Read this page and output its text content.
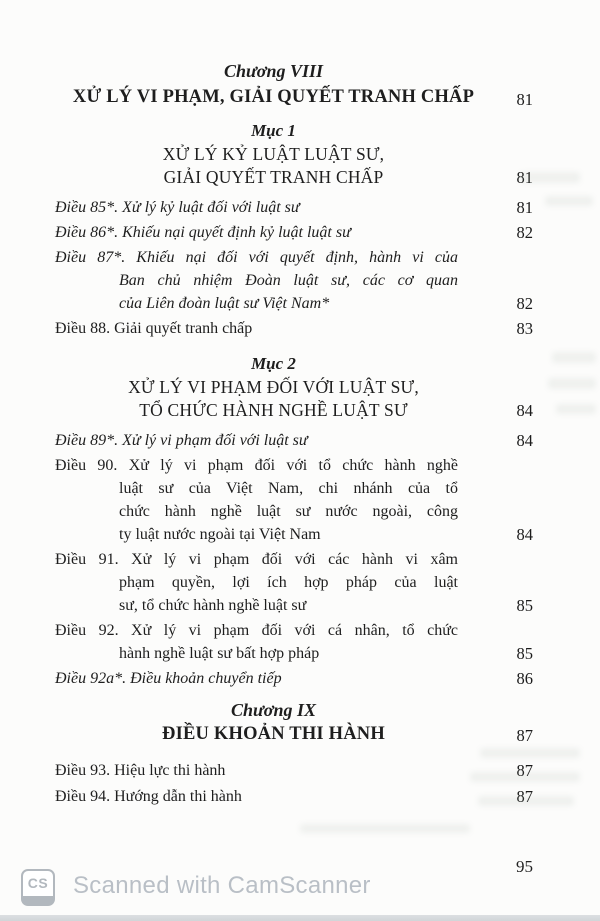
Chương VIII
XỬ LÝ VI PHẠM, GIẢI QUYẾT TRANH CHẤP	81
Mục 1
XỬ LÝ KỶ LUẬT LUẬT SƯ,
GIẢI QUYẾT TRANH CHẤP	81
Điều 85*. Xử lý kỷ luật đối với luật sư	81
Điều 86*. Khiếu nại quyết định kỷ luật luật sư	82
Điều 87*. Khiếu nại đối với quyết định, hành vi của
Ban chủ nhiệm Đoàn luật sư, các cơ quan
của Liên đoàn luật sư Việt Nam*	82
Điều 88. Giải quyết tranh chấp	83
Mục 2
XỬ LÝ VI PHẠM ĐỐI VỚI LUẬT SƯ,
TỔ CHỨC HÀNH NGHỀ LUẬT SƯ	84
Điều 89*. Xử lý vi phạm đối với luật sư	84
Điều 90. Xử lý vi phạm đối với tổ chức hành nghề
luật sư của Việt Nam, chi nhánh của tổ
chức hành nghề luật sư nước ngoài, công
ty luật nước ngoài tại Việt Nam	84
Điều 91. Xử lý vi phạm đối với các hành vi xâm
phạm quyền, lợi ích hợp pháp của luật
sư, tổ chức hành nghề luật sư	85
Điều 92. Xử lý vi phạm đối với cá nhân, tổ chức
hành nghề luật sư bất hợp pháp	85
Điều 92a*. Điều khoản chuyển tiếp	86
Chương IX
ĐIỀU KHOẢN THI HÀNH	87
Điều 93. Hiệu lực thi hành	87
Điều 94. Hướng dẫn thi hành	87
95
CS Scanned with CamScanner
